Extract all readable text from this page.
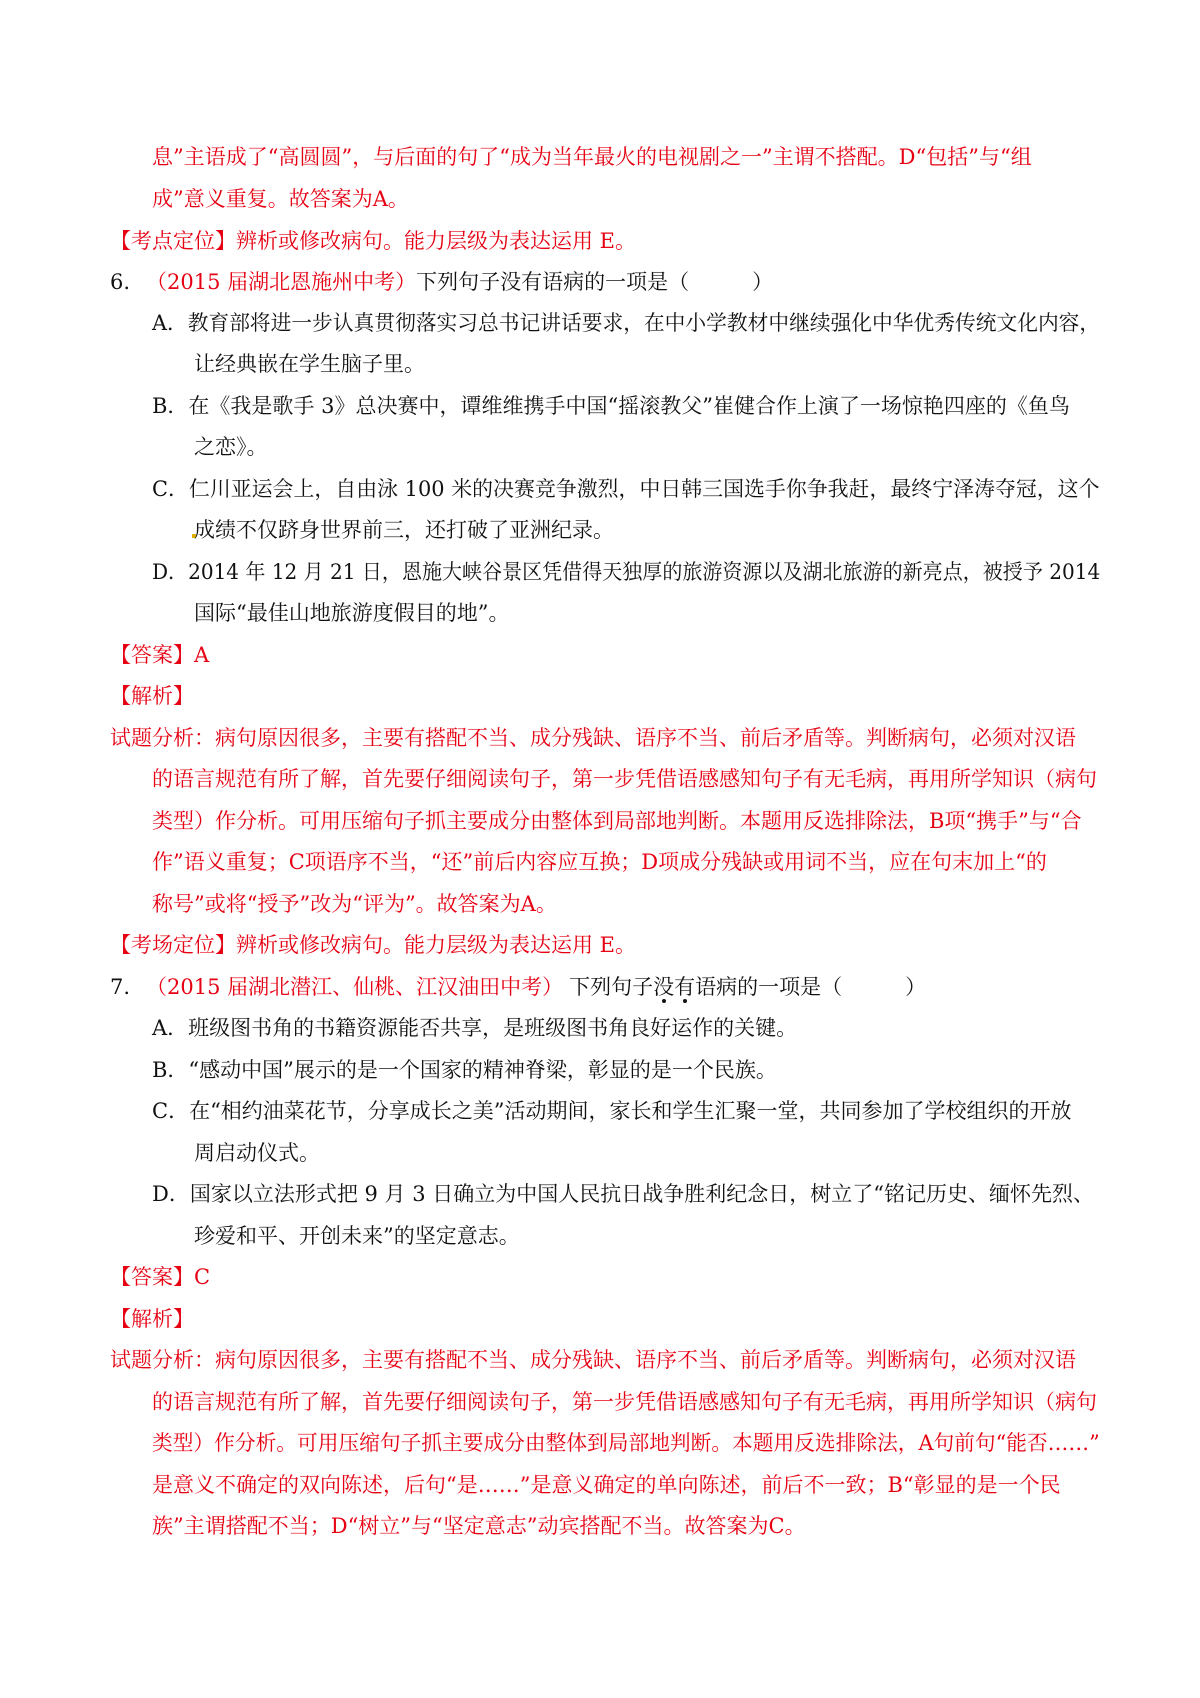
息”主语成了“高圆圆”，与后面的句了“成为当年最火的电视剧之一”主谓不搭配。D“包括”与“组
成”意义重复。故答案为A。
【考点定位】辨析或修改病句。能力层级为表达运用 E。
6. （2015 届湖北恩施州中考）下列句子没有语病的一项是（　　　）
A．教育部将进一步认真贯彻落实习总书记讲话要求，在中小学教材中继续强化中华优秀传统文化内容，
让经典嵌在学生脑子里。
B．在《我是歌手 3》总决赛中，谭维维携手中国“摇滚教父”崔健合作上演了一场惊艳四座的《鱼鸟
之恋》。
C．仁川亚运会上，自由泳 100 米的决赛竞争激烈，中日韩三国选手你争我赶，最终宁泽涛夺冠，这个
成绩不仅跻身世界前三，还打破了亚洲纪录。
D．2014 年 12 月 21 日，恩施大峡谷景区凭借得天独厚的旅游资源以及湖北旅游的新亮点，被授予 2014
国际“最佳山地旅游度假目的地”。
【答案】A
【解析】
试题分析：病句原因很多，主要有搭配不当、成分残缺、语序不当、前后矛盾等。判断病句，必须对汉语
的语言规范有所了解，首先要仔细阅读句子，第一步凭借语感感知句子有无毛病，再用所学知识（病句
类型）作分析。可用压缩句子抓主要成分由整体到局部地判断。本题用反选排除法，B项“携手”与“合
作”语义重复；C项语序不当，“还”前后内容应互换；D项成分残缺或用词不当，应在句末加上“的
称号”或将“授予”改为“评为”。故答案为A。
【考场定位】辨析或修改病句。能力层级为表达运用 E。
7. （2015 届湖北潜江、仙桃、江汉油田中考） 下列句子没有语病的一项是（　　　）
A．班级图书角的书籍资源能否共享，是班级图书角良好运作的关键。
B．“感动中国”展示的是一个国家的精神脊梁，彰显的是一个民族。
C．在“相约油菜花节，分享成长之美”活动期间，家长和学生汇聚一堂，共同参加了学校组织的开放
周启动仪式。
D．国家以立法形式把 9 月 3 日确立为中国人民抗日战争胜利纪念日，树立了“铭记历史、缅怀先烈、
珍爱和平、开创未来”的坚定意志。
【答案】C
【解析】
试题分析：病句原因很多，主要有搭配不当、成分残缺、语序不当、前后矛盾等。判断病句，必须对汉语
的语言规范有所了解，首先要仔细阅读句子，第一步凭借语感感知句子有无毛病，再用所学知识（病句
类型）作分析。可用压缩句子抓主要成分由整体到局部地判断。本题用反选排除法，A句前句“能否……”
是意义不确定的双向陈述，后句“是……”是意义确定的单向陈述，前后不一致；B“彰显的是一个民
族”主谓搭配不当；D“树立”与“坚定意志”动宾搭配不当。故答案为C。
